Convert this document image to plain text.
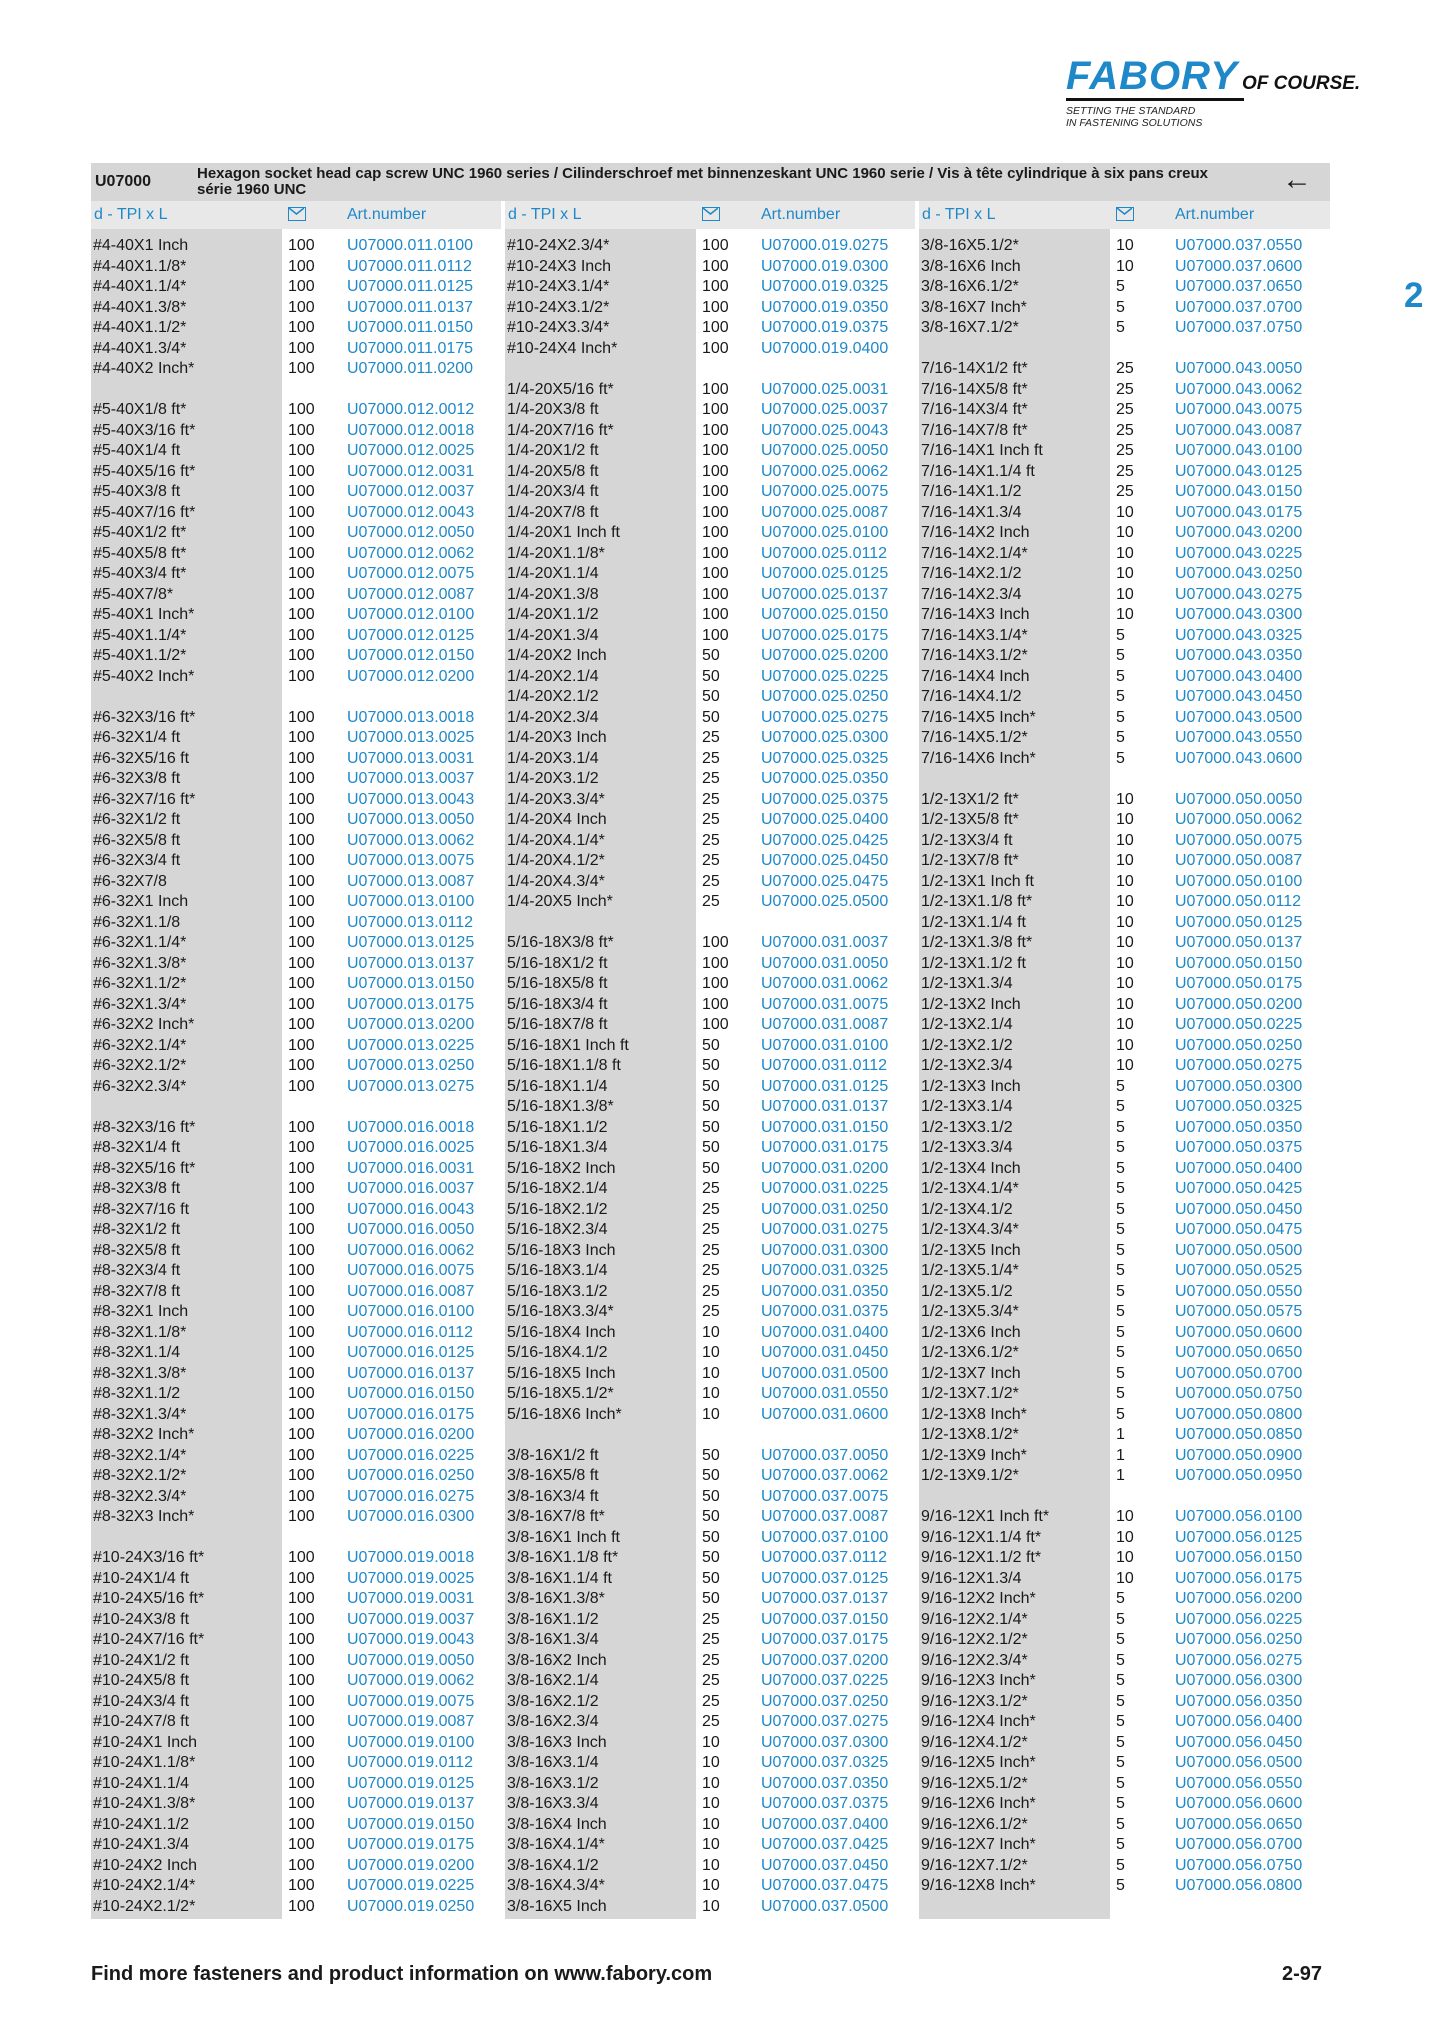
FABORY OF COURSE.
SETTING THE STANDARD
IN FASTENING SOLUTIONS
2
U07000	Hexagon socket head cap screw UNC 1960 series / Cilinderschroef met binnenzeskant UNC 1960 serie / Vis à tête cylindrique à six pans creux série 1960 UNC	←
d - TPI x L	Art.number	d - TPI x L	Art.number	d - TPI x L	Art.number
#4-40X1 Inch	100 U07000.011.0100
#4-40X1.1/8*	100 U07000.011.0112
#4-40X1.1/4*	100 U07000.011.0125
#4-40X1.3/8*	100 U07000.011.0137
#4-40X1.1/2*	100 U07000.011.0150
#4-40X1.3/4*	100 U07000.011.0175
#4-40X2 Inch*	100 U07000.011.0200
#5-40X1/8 ft*	100 U07000.012.0012
#5-40X3/16 ft*	100 U07000.012.0018
#5-40X1/4 ft	100 U07000.012.0025
#5-40X5/16 ft*	100 U07000.012.0031
#5-40X3/8 ft	100 U07000.012.0037
#5-40X7/16 ft*	100 U07000.012.0043
#5-40X1/2 ft*	100 U07000.012.0050
#5-40X5/8 ft*	100 U07000.012.0062
#5-40X3/4 ft*	100 U07000.012.0075
#5-40X7/8*	100 U07000.012.0087
#5-40X1 Inch*	100 U07000.012.0100
#5-40X1.1/4*	100 U07000.012.0125
#5-40X1.1/2*	100 U07000.012.0150
#5-40X2 Inch*	100 U07000.012.0200
#6-32X3/16 ft*	100 U07000.013.0018
#6-32X1/4 ft	100 U07000.013.0025
#6-32X5/16 ft	100 U07000.013.0031
#6-32X3/8 ft	100 U07000.013.0037
#6-32X7/16 ft*	100 U07000.013.0043
#6-32X1/2 ft	100 U07000.013.0050
#6-32X5/8 ft	100 U07000.013.0062
#6-32X3/4 ft	100 U07000.013.0075
#6-32X7/8	100 U07000.013.0087
#6-32X1 Inch	100 U07000.013.0100
#6-32X1.1/8	100 U07000.013.0112
#6-32X1.1/4*	100 U07000.013.0125
#6-32X1.3/8*	100 U07000.013.0137
#6-32X1.1/2*	100 U07000.013.0150
#6-32X1.3/4*	100 U07000.013.0175
#6-32X2 Inch*	100 U07000.013.0200
#6-32X2.1/4*	100 U07000.013.0225
#6-32X2.1/2*	100 U07000.013.0250
#6-32X2.3/4*	100 U07000.013.0275
#8-32X3/16 ft*	100 U07000.016.0018
#8-32X1/4 ft	100 U07000.016.0025
#8-32X5/16 ft*	100 U07000.016.0031
#8-32X3/8 ft	100 U07000.016.0037
#8-32X7/16 ft	100 U07000.016.0043
#8-32X1/2 ft	100 U07000.016.0050
#8-32X5/8 ft	100 U07000.016.0062
#8-32X3/4 ft	100 U07000.016.0075
#8-32X7/8 ft	100 U07000.016.0087
#8-32X1 Inch	100 U07000.016.0100
#8-32X1.1/8*	100 U07000.016.0112
#8-32X1.1/4	100 U07000.016.0125
#8-32X1.3/8*	100 U07000.016.0137
#8-32X1.1/2	100 U07000.016.0150
#8-32X1.3/4*	100 U07000.016.0175
#8-32X2 Inch*	100 U07000.016.0200
#8-32X2.1/4*	100 U07000.016.0225
#8-32X2.1/2*	100 U07000.016.0250
#8-32X2.3/4*	100 U07000.016.0275
#8-32X3 Inch*	100 U07000.016.0300
#10-24X3/16 ft*	100 U07000.019.0018
#10-24X1/4 ft	100 U07000.019.0025
#10-24X5/16 ft*	100 U07000.019.0031
#10-24X3/8 ft	100 U07000.019.0037
#10-24X7/16 ft*	100 U07000.019.0043
#10-24X1/2 ft	100 U07000.019.0050
#10-24X5/8 ft	100 U07000.019.0062
#10-24X3/4 ft	100 U07000.019.0075
#10-24X7/8 ft	100 U07000.019.0087
#10-24X1 Inch	100 U07000.019.0100
#10-24X1.1/8*	100 U07000.019.0112
#10-24X1.1/4	100 U07000.019.0125
#10-24X1.3/8*	100 U07000.019.0137
#10-24X1.1/2	100 U07000.019.0150
#10-24X1.3/4	100 U07000.019.0175
#10-24X2 Inch	100 U07000.019.0200
#10-24X2.1/4*	100 U07000.019.0225
#10-24X2.1/2*	100 U07000.019.0250
#10-24X2.3/4*	100 U07000.019.0275
#10-24X3 Inch	100 U07000.019.0300
#10-24X3.1/4*	100 U07000.019.0325
#10-24X3.1/2*	100 U07000.019.0350
#10-24X3.3/4*	100 U07000.019.0375
#10-24X4 Inch*	100 U07000.019.0400
1/4-20X5/16 ft*	100 U07000.025.0031
1/4-20X3/8 ft	100 U07000.025.0037
1/4-20X7/16 ft*	100 U07000.025.0043
1/4-20X1/2 ft	100 U07000.025.0050
1/4-20X5/8 ft	100 U07000.025.0062
1/4-20X3/4 ft	100 U07000.025.0075
1/4-20X7/8 ft	100 U07000.025.0087
1/4-20X1 Inch ft	100 U07000.025.0100
1/4-20X1.1/8*	100 U07000.025.0112
1/4-20X1.1/4	100 U07000.025.0125
1/4-20X1.3/8	100 U07000.025.0137
1/4-20X1.1/2	100 U07000.025.0150
1/4-20X1.3/4	100 U07000.025.0175
1/4-20X2 Inch	50	U07000.025.0200
1/4-20X2.1/4	50	U07000.025.0225
1/4-20X2.1/2	50	U07000.025.0250
1/4-20X2.3/4	50	U07000.025.0275
1/4-20X3 Inch	25	U07000.025.0300
1/4-20X3.1/4	25	U07000.025.0325
1/4-20X3.1/2	25	U07000.025.0350
1/4-20X3.3/4*	25	U07000.025.0375
1/4-20X4 Inch	25	U07000.025.0400
1/4-20X4.1/4*	25	U07000.025.0425
1/4-20X4.1/2*	25	U07000.025.0450
1/4-20X4.3/4*	25	U07000.025.0475
1/4-20X5 Inch*	25	U07000.025.0500
5/16-18X3/8 ft*	100 U07000.031.0037
5/16-18X1/2 ft	100 U07000.031.0050
5/16-18X5/8 ft	100 U07000.031.0062
5/16-18X3/4 ft	100 U07000.031.0075
5/16-18X7/8 ft	100 U07000.031.0087
5/16-18X1 Inch ft	50	U07000.031.0100
5/16-18X1.1/8 ft	50	U07000.031.0112
5/16-18X1.1/4	50	U07000.031.0125
5/16-18X1.3/8*	50	U07000.031.0137
5/16-18X1.1/2	50	U07000.031.0150
5/16-18X1.3/4	50	U07000.031.0175
5/16-18X2 Inch	50	U07000.031.0200
5/16-18X2.1/4	25	U07000.031.0225
5/16-18X2.1/2	25	U07000.031.0250
5/16-18X2.3/4	25	U07000.031.0275
5/16-18X3 Inch	25	U07000.031.0300
5/16-18X3.1/4	25	U07000.031.0325
5/16-18X3.1/2	25	U07000.031.0350
5/16-18X3.3/4*	25	U07000.031.0375
5/16-18X4 Inch	10	U07000.031.0400
5/16-18X4.1/2	10	U07000.031.0450
5/16-18X5 Inch	10	U07000.031.0500
5/16-18X5.1/2*	10	U07000.031.0550
5/16-18X6 Inch*	10	U07000.031.0600
3/8-16X1/2 ft	50	U07000.037.0050
3/8-16X5/8 ft	50	U07000.037.0062
3/8-16X3/4 ft	50	U07000.037.0075
3/8-16X7/8 ft*	50	U07000.037.0087
3/8-16X1 Inch ft	50	U07000.037.0100
3/8-16X1.1/8 ft*	50	U07000.037.0112
3/8-16X1.1/4 ft	50	U07000.037.0125
3/8-16X1.3/8*	50	U07000.037.0137
3/8-16X1.1/2	25	U07000.037.0150
3/8-16X1.3/4	25	U07000.037.0175
3/8-16X2 Inch	25	U07000.037.0200
3/8-16X2.1/4	25	U07000.037.0225
3/8-16X2.1/2	25	U07000.037.0250
3/8-16X2.3/4	25	U07000.037.0275
3/8-16X3 Inch	10	U07000.037.0300
3/8-16X3.1/4	10	U07000.037.0325
3/8-16X3.1/2	10	U07000.037.0350
3/8-16X3.3/4	10	U07000.037.0375
3/8-16X4 Inch	10	U07000.037.0400
3/8-16X4.1/4*	10	U07000.037.0425
3/8-16X4.1/2	10	U07000.037.0450
3/8-16X4.3/4*	10	U07000.037.0475
3/8-16X5 Inch	10	U07000.037.0500
3/8-16X5.1/2*	10	U07000.037.0550
3/8-16X6 Inch	10	U07000.037.0600
3/8-16X6.1/2*	5	U07000.037.0650
3/8-16X7 Inch*	5	U07000.037.0700
3/8-16X7.1/2*	5	U07000.037.0750
7/16-14X1/2 ft*	25	U07000.043.0050
7/16-14X5/8 ft*	25	U07000.043.0062
7/16-14X3/4 ft*	25	U07000.043.0075
7/16-14X7/8 ft*	25	U07000.043.0087
7/16-14X1 Inch ft	25	U07000.043.0100
7/16-14X1.1/4 ft	25	U07000.043.0125
7/16-14X1.1/2	25	U07000.043.0150
7/16-14X1.3/4	10	U07000.043.0175
7/16-14X2 Inch	10	U07000.043.0200
7/16-14X2.1/4*	10	U07000.043.0225
7/16-14X2.1/2	10	U07000.043.0250
7/16-14X2.3/4	10	U07000.043.0275
7/16-14X3 Inch	10	U07000.043.0300
7/16-14X3.1/4*	5	U07000.043.0325
7/16-14X3.1/2*	5	U07000.043.0350
7/16-14X4 Inch	5	U07000.043.0400
7/16-14X4.1/2	5	U07000.043.0450
7/16-14X5 Inch*	5	U07000.043.0500
7/16-14X5.1/2*	5	U07000.043.0550
7/16-14X6 Inch*	5	U07000.043.0600
1/2-13X1/2 ft*	10	U07000.050.0050
1/2-13X5/8 ft*	10	U07000.050.0062
1/2-13X3/4 ft	10	U07000.050.0075
1/2-13X7/8 ft*	10	U07000.050.0087
1/2-13X1 Inch ft	10	U07000.050.0100
1/2-13X1.1/8 ft*	10	U07000.050.0112
1/2-13X1.1/4 ft	10	U07000.050.0125
1/2-13X1.3/8 ft*	10	U07000.050.0137
1/2-13X1.1/2 ft	10	U07000.050.0150
1/2-13X1.3/4	10	U07000.050.0175
1/2-13X2 Inch	10	U07000.050.0200
1/2-13X2.1/4	10	U07000.050.0225
1/2-13X2.1/2	10	U07000.050.0250
1/2-13X2.3/4	10	U07000.050.0275
1/2-13X3 Inch	5	U07000.050.0300
1/2-13X3.1/4	5	U07000.050.0325
1/2-13X3.1/2	5	U07000.050.0350
1/2-13X3.3/4	5	U07000.050.0375
1/2-13X4 Inch	5	U07000.050.0400
1/2-13X4.1/4*	5	U07000.050.0425
1/2-13X4.1/2	5	U07000.050.0450
1/2-13X4.3/4*	5	U07000.050.0475
1/2-13X5 Inch	5	U07000.050.0500
1/2-13X5.1/4*	5	U07000.050.0525
1/2-13X5.1/2	5	U07000.050.0550
1/2-13X5.3/4*	5	U07000.050.0575
1/2-13X6 Inch	5	U07000.050.0600
1/2-13X6.1/2*	5	U07000.050.0650
1/2-13X7 Inch	5	U07000.050.0700
1/2-13X7.1/2*	5	U07000.050.0750
1/2-13X8 Inch*	5	U07000.050.0800
1/2-13X8.1/2*	1	U07000.050.0850
1/2-13X9 Inch*	1	U07000.050.0900
1/2-13X9.1/2*	1	U07000.050.0950
9/16-12X1 Inch ft*	10	U07000.056.0100
9/16-12X1.1/4 ft*	10	U07000.056.0125
9/16-12X1.1/2 ft*	10	U07000.056.0150
9/16-12X1.3/4	10	U07000.056.0175
9/16-12X2 Inch*	5	U07000.056.0200
9/16-12X2.1/4*	5	U07000.056.0225
9/16-12X2.1/2*	5	U07000.056.0250
9/16-12X2.3/4*	5	U07000.056.0275
9/16-12X3 Inch*	5	U07000.056.0300
9/16-12X3.1/2*	5	U07000.056.0350
9/16-12X4 Inch*	5	U07000.056.0400
9/16-12X4.1/2*	5	U07000.056.0450
9/16-12X5 Inch*	5	U07000.056.0500
9/16-12X5.1/2*	5	U07000.056.0550
9/16-12X6 Inch*	5	U07000.056.0600
9/16-12X6.1/2*	5	U07000.056.0650
9/16-12X7 Inch*	5	U07000.056.0700
9/16-12X7.1/2*	5	U07000.056.0750
9/16-12X8 Inch*	5	U07000.056.0800
Find more fasteners and product information on www.fabory.com	2-97
